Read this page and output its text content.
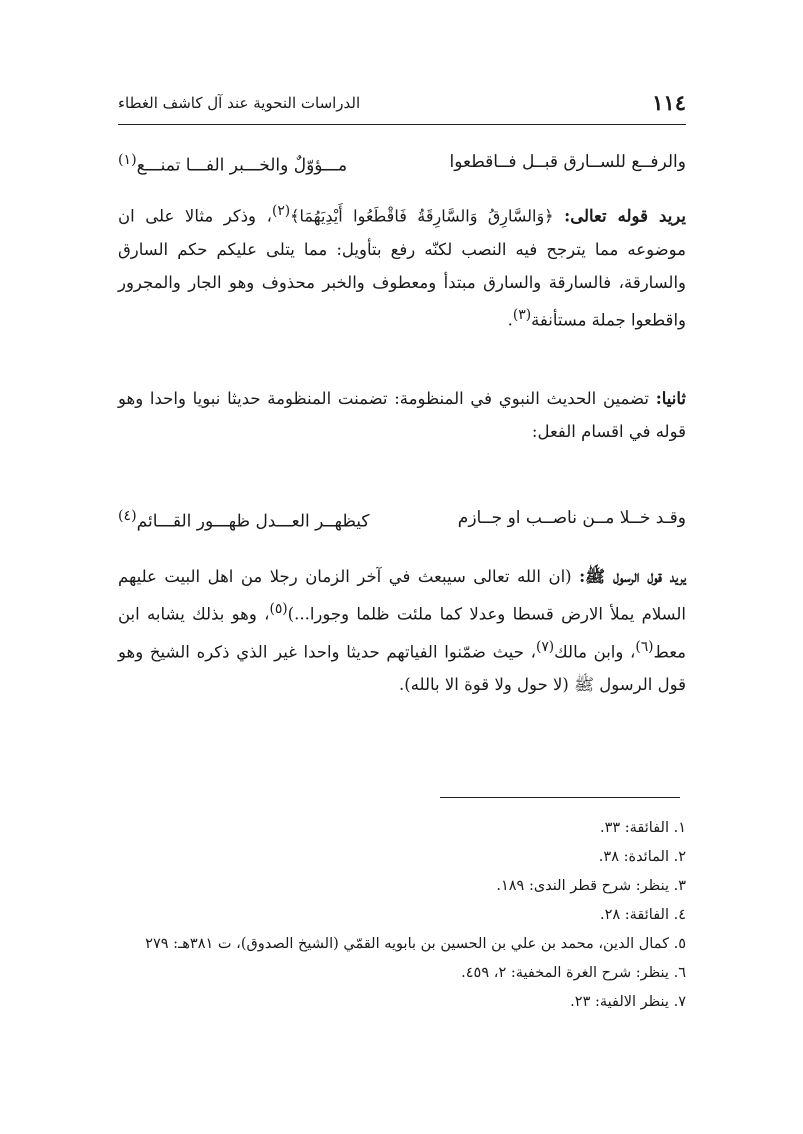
١١٤
الدراسات النحوية عند آل كاشف الغطاء
والرفــع للســارق قبــل فــاقطعوا
مـــؤوّلٌ والخـــبر الفـــا تمنـــع$^{(١)}$
يريد قوله تعالى: ﴿وَالسَّارِقُ وَالسَّارِقَةُ فَاقْطَعُوا أَيْدِيَهُمَا﴾$^{(٢)}$، وذكر مثالا على ان موضوعه مما يترجح فيه النصب لكنّه رفع بتأويل: مما يتلى عليكم حكم السارق والسارقة، فالسارقة والسارق مبتدأ ومعطوف والخبر محذوف وهو الجار والمجرور واقطعوا جملة مستأنفة$^{(٣)}$.
ثانيا: تضمين الحديث النبوي في المنظومة: تضمنت المنظومة حديثا نبويا واحدا وهو قوله في اقسام الفعل:
وقـد خــلا مــن ناصــب او جــازم
كيظهــر العـــدل ظهـــور القـــائم$^{(٤)}$
يريد قول الرسول ﷺ: (ان الله تعالى سيبعث في آخر الزمان رجلا من اهل البيت عليهم السلام يملأ الارض قسطا وعدلا كما ملئت ظلما وجورا...)$^{(٥)}$، وهو بذلك يشابه ابن معط$^{(٦)}$، وابن مالك$^{(٧)}$، حيث ضمّنوا الفياتهم حديثا واحدا غير الذي ذكره الشيخ وهو قول الرسول ﷺ (لا حول ولا قوة الا بالله).
١. الفائقة: ٣٣.
٢. المائدة: ٣٨.
٣. ينظر: شرح قطر الندى: ١٨٩.
٤. الفائقة: ٢٨.
٥. كمال الدين، محمد بن علي بن الحسين بن بابويه القمّي (الشيخ الصدوق)، ت ٣٨١هـ: ٢٧٩
٦. ينظر: شرح الغرة المخفية: ٢، ٤٥٩.
٧. ينظر الالفية: ٢٣.
